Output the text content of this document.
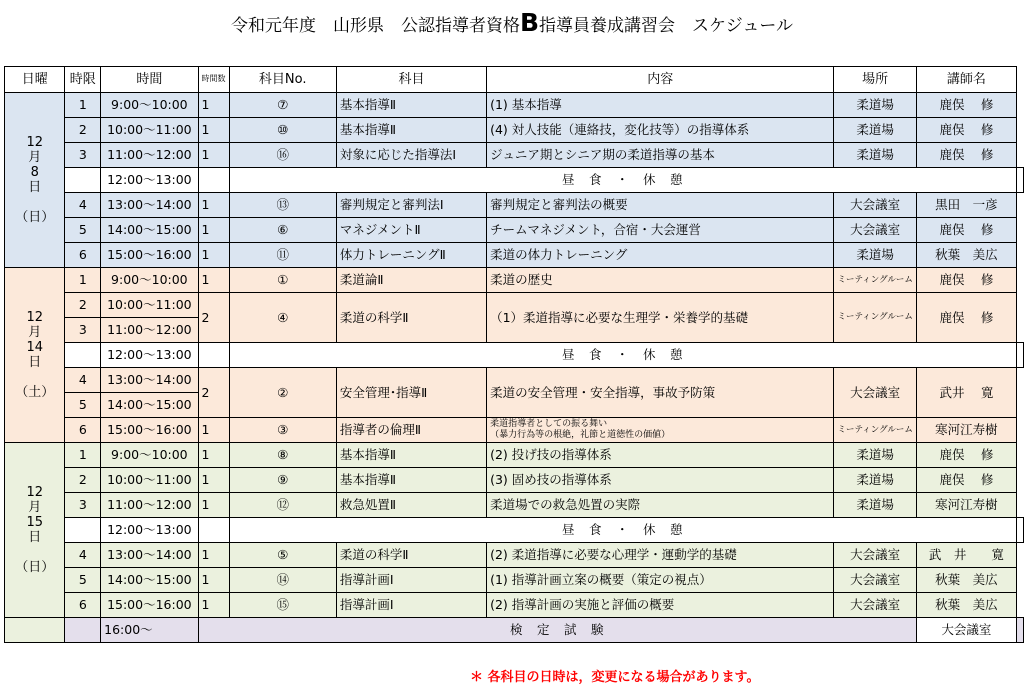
令和元年度　山形県　公認指導者資格B指導員養成講習会　スケジュール
日曜	時限	時間	時間数	科目No.	科目	内容	場所	講師名	

12
月
8
日

（日）	1	9:00～10:00	1	⑦	基本指導Ⅱ	(1) 基本指導	柔道場	鹿俣　 修	
	2	10:00～11:00	1	⑩	基本指導Ⅱ	(4) 対人技能（連絡技，変化技等）の指導体系	柔道場	鹿俣　 修	
	3	11:00～12:00	1	⑯	対象に応じた指導法Ⅰ	ジュニア期とシニア期の柔道指導の基本	柔道場	鹿俣　 修	
		12:00～13:00		昼　食　・　休　憩					
	4	13:00～14:00	1	⑬	審判規定と審判法Ⅰ	審判規定と審判法の概要	大会議室	黒田　一彦	
	5	14:00～15:00	1	⑥	マネジメントⅡ	チームマネジメント，合宿・大会運営	大会議室	鹿俣　 修	
	6	15:00～16:00	1	⑪	体力トレーニングⅡ	柔道の体力トレーニング	柔道場	秋葉　美広	

12
月
14
日

（土）	1	9:00～10:00	1	①	柔道論Ⅱ	柔道の歴史	ミーティングルーム	鹿俣　 修	
	2	10:00～11:00	2	④	柔道の科学Ⅱ	（1）柔道指導に必要な生理学・栄養学的基礎	ミーティングルーム	鹿俣　 修	
	3	11:00～12:00							
		12:00～13:00		昼　食　・　休　憩					
	4	13:00～14:00	2	②	安全管理･指導Ⅱ	柔道の安全管理・安全指導，事故予防策	大会議室	武井　 寛	
	5	14:00～15:00							
	6	15:00～16:00	1	③	指導者の倫理Ⅱ	柔道指導者としての振る舞い
（暴力行為等の根絶，礼節と道徳性の価値）	ミーティングルーム	寒河江寿樹	

12
月
15
日

（日）	1	9:00～10:00	1	⑧	基本指導Ⅱ	(2) 投げ技の指導体系	柔道場	鹿俣　 修	
	2	10:00～11:00	1	⑨	基本指導Ⅱ	(3) 固め技の指導体系	柔道場	鹿俣　 修	
	3	11:00～12:00	1	⑫	救急処置Ⅱ	柔道場での救急処置の実際	柔道場	寒河江寿樹	
		12:00～13:00		昼　食　・　休　憩					
	4	13:00～14:00	1	⑤	柔道の科学Ⅱ	(2) 柔道指導に必要な心理学・運動学的基礎	大会議室	武　井　　寛	
	5	14:00～15:00	1	⑭	指導計画Ⅰ	(1) 指導計画立案の概要（策定の視点）	大会議室	秋葉　美広	
	6	15:00～16:00	1	⑮	指導計画Ⅰ	(2) 指導計画の実施と評価の概要	大会議室	秋葉　美広	
		16:00～	検　定　試　験					大会議室	
＊ 各科目の日時は，変更になる場合があります。
